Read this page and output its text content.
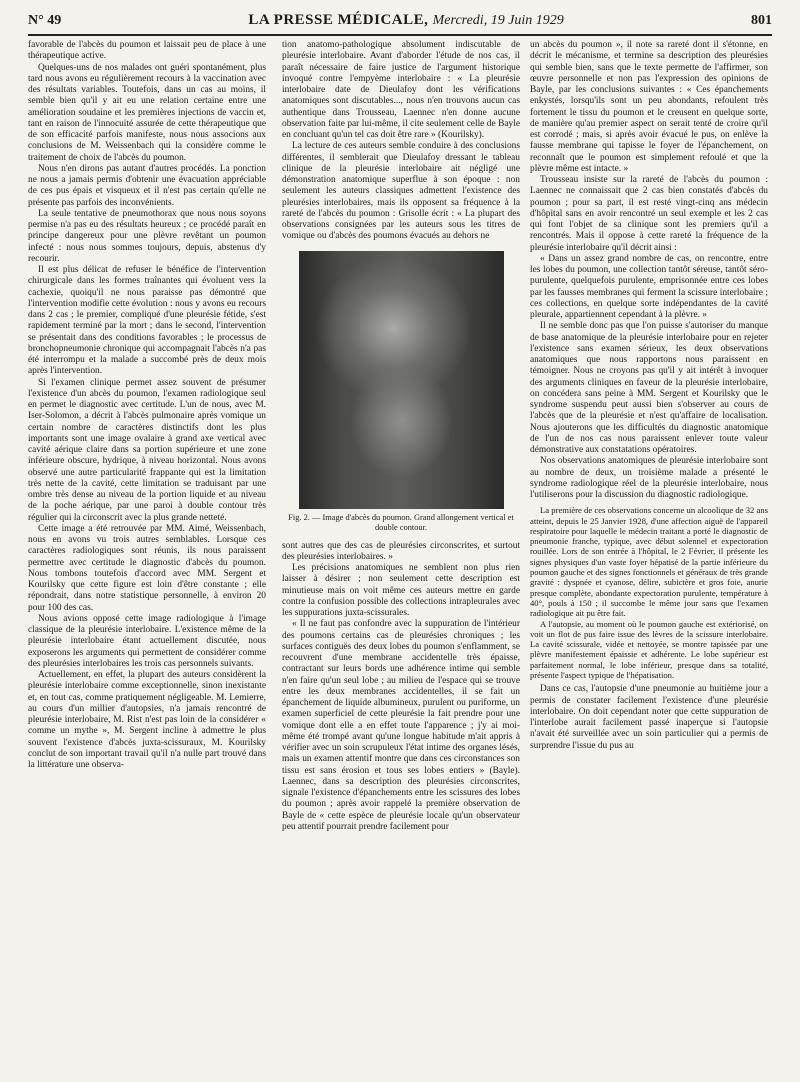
N° 49	LA PRESSE MÉDICALE, Mercredi, 19 Juin 1929	801

favorable de l'abcès du poumon et laissait peu de place à une thérapeutique active.

Quelques-uns de nos malades ont guéri spontanément, plus tard nous avons eu régulièrement recours à la vaccination avec des résultats variables. Toutefois, dans un cas au moins, il semble bien qu'il y ait eu une relation certaine entre une amélioration soudaine et les premières injections de vaccin et, tant en raison de l'innocuité assurée de cette thérapeutique que de son efficacité parfois manifeste, nous nous associons aux conclusions de M. Weissenbach qui la considère comme le traitement de choix de l'abcès du poumon.

Nous n'en dirons pas autant d'autres procédés. La ponction ne nous a jamais permis d'obtenir une évacuation appréciable de ces pus épais et visqueux et il n'est pas certain qu'elle ne présente pas parfois des inconvénients.

La seule tentative de pneumothorax que nous nous soyons permise n'a pas eu des résultats heureux ; ce procédé paraît en principe dangereux pour une plèvre revêtant un poumon infecté : nous nous sommes toujours, depuis, abstenus d'y recourir.

Il est plus délicat de refuser le bénéfice de l'intervention chirurgicale dans les formes traînantes qui évoluent vers la cachexie, quoiqu'il ne nous paraisse pas démontré que l'intervention modifie cette évolution : nous y avons eu recours dans 2 cas ; le premier, compliqué d'une pleurésie fétide, s'est rapidement terminé par la mort ; dans le second, l'intervention se présentait dans des conditions favorables ; le processus de bronchopneumonie chronique qui accompagnait l'abcès n'a pas été interrompu et la malade a succombé près de deux mois après l'intervention.

Si l'examen clinique permet assez souvent de présumer l'existence d'un abcès du poumon, l'examen radiologique seul en permet le diagnostic avec certitude. L'un de nous, avec M. Iser-Solomon, a décrit à l'abcès pulmonaire après vomique un certain nombre de caractères distinctifs dont les plus importants sont une image ovalaire à grand axe vertical avec cavité aérique claire dans sa portion supérieure et une zone inférieure obscure, hydrique, à niveau horizontal. Nous avons observé une autre particularité frappante qui est la limitation très nette de la cavité, cette limitation se traduisant par une ombre très dense au niveau de la portion liquide et au niveau de la poche aérique, par une paroi à double contour très régulier qui la circonscrit avec la plus grande netteté.

Cette image a été retrouvée par MM. Aimé, Weissenbach, nous en avons vu trois autres semblables. Lorsque ces caractères radiologiques sont réunis, ils nous paraissent permettre avec certitude le diagnostic d'abcès du poumon. Nous tombons toutefois d'accord avec MM. Sergent et Kourilsky que cette figure est loin d'être constante ; elle répondrait, dans notre statistique personnelle, à environ 20 pour 100 des cas.

Nous avions opposé cette image radiologique à l'image classique de la pleurésie interlobaire. L'existence même de la pleurésie interlobaire étant actuellement discutée, nous exposerons les arguments qui permettent de considérer comme des pleurésies interlobaires les trois cas personnels suivants.

Actuellement, en effet, la plupart des auteurs considèrent la pleurésie interlobaire comme exceptionnelle, sinon inexistante et, en tout cas, comme pratiquement négligeable. M. Lemierre, au cours d'un millier d'autopsies, n'a jamais rencontré de pleurésie interlobaire, M. Rist n'est pas loin de la considérer « comme un mythe », M. Sergent incline à admettre le plus souvent l'existence d'abcès juxta-scissuraux, M. Kourilsky conclut de son important travail qu'il n'a nulle part trouvé dans la littérature une observa-

tion anatomo-pathologique absolument indiscutable de pleurésie interlobaire. Avant d'aborder l'étude de nos cas, il paraît nécessaire de faire justice de l'argument historique invoqué contre l'empyème interlobaire : « La pleurésie interlobaire date de Dieulafoy dont les vérifications anatomiques sont discutables..., nous n'en trouvons aucun cas authentique dans Trousseau, Laennec n'en donne aucune observation faite par lui-même, il cite seulement celle de Bayle en concluant qu'un tel cas doit être rare » (Kourilsky).

La lecture de ces auteurs semble conduire à des conclusions différentes, il semblerait que Dieulafoy dressant le tableau clinique de la pleurésie interlobaire ait négligé une démonstration anatomique superflue à son époque : non seulement les auteurs classiques admettent l'existence des pleurésies interlobaires, mais ils opposent sa fréquence à la rareté de l'abcès du poumon : Grisolle écrit : « La plupart des observations consignées par les auteurs sous les titres de vomique ou d'abcès des poumons évacués au dehors ne

Fig. 2. — Image d'abcès du poumon. Grand allongement vertical et double contour.

sont autres que des cas de pleurésies circonscrites, et surtout des pleurésies interlobaires. »

Les précisions anatomiques ne semblent non plus rien laisser à désirer ; non seulement cette description est minutieuse mais on voit même ces auteurs mettre en garde contre la confusion possible des collections intrapleurales avec les suppurations juxta-scissurales.

« Il ne faut pas confondre avec la suppuration de l'intérieur des poumons certains cas de pleurésies chroniques ; les surfaces contiguës des deux lobes du poumon s'enflamment, se recouvrent d'une membrane accidentelle très épaisse, contractant sur leurs bords une adhérence intime qui semble n'en faire qu'un seul lobe ; au milieu de l'espace qui se trouve entre les deux membranes accidentelles, il se fait un épanchement de liquide albumineux, purulent ou puriforme, un examen superficiel de cette pleurésie la fait prendre pour une vomique dont elle a en effet toute l'apparence ; j'y ai moi-même été trompé avant qu'une longue habitude m'ait appris à vérifier avec un soin scrupuleux l'état intime des organes lésés, mais un examen attentif montre que dans ces circonstances son tissu est sans érosion et tous ses lobes entiers » (Bayle). Laennec, dans sa description des pleurésies circonscrites, signale l'existence d'épanchements entre les scissures des lobes du poumon ; après avoir rappelé la première observation de Bayle de « cette espèce de pleurésie locale qu'un observateur peu attentif pourrait prendre facilement pour

un abcès du poumon », il note sa rareté dont il s'étonne, en décrit le mécanisme, et termine sa description des pleurésies qui semble bien, sans que le texte permette de l'affirmer, son œuvre personnelle et non pas l'expression des opinions de Bayle, par les conclusions suivantes : « Ces épanchements enkystés, lorsqu'ils sont un peu abondants, refoulent très fortement le tissu du poumon et le creusent en quelque sorte, de manière qu'au premier aspect on serait tenté de croire qu'il est corrodé ; mais, si après avoir évacué le pus, on enlève la fausse membrane qui tapisse le foyer de l'épanchement, on reconnaît que le poumon est simplement refoulé et que la plèvre même est intacte. »

Trousseau insiste sur la rareté de l'abcès du poumon : Laennec ne connaissait que 2 cas bien constatés d'abcès du poumon ; pour sa part, il est resté vingt-cinq ans médecin d'hôpital sans en avoir rencontré un seul exemple et les 2 cas qui font l'objet de sa clinique sont les premiers qu'il a rencontrés. Mais il oppose à cette rareté la fréquence de la pleurésie interlobaire qu'il décrit ainsi :

« Dans un assez grand nombre de cas, on rencontre, entre les lobes du poumon, une collection tantôt séreuse, tantôt séro-purulente, quelquefois purulente, emprisonnée entre ces lobes par les fausses membranes qui ferment la scissure interlobaire ; ces collections, en quelque sorte indépendantes de la cavité pleurale, appartiennent cependant à la plèvre. »

Il ne semble donc pas que l'on puisse s'autoriser du manque de base anatomique de la pleurésie interlobaire pour en rejeter l'existence sans examen sérieux, les deux observations anatomiques que nous rapportons nous paraissent en témoigner. Nous ne croyons pas qu'il y ait intérêt à invoquer des arguments cliniques en faveur de la pleurésie interlobaire, on concédera sans peine à MM. Sergent et Kourilsky que le syndrome suspendu peut aussi bien s'observer au cours de l'abcès que de la pleurésie et n'est qu'affaire de localisation. Nous ajouterons que les difficultés du diagnostic anatomique de l'un de nos cas nous paraissent enlever toute valeur démonstrative aux constatations opératoires.

Nos observations anatomiques de pleurésie interlobaire sont au nombre de deux, un troisième malade a présenté le syndrome radiologique réel de la pleurésie interlobaire, nous l'utiliserons pour la discussion du diagnostic radiologique.

La première de ces observations concerne un alcoolique de 32 ans atteint, depuis le 25 Janvier 1928, d'une affection aiguë de l'appareil respiratoire pour laquelle le médecin traitant a porté le diagnostic de pneumonie franche, typique, avec début solennel et expectoration rouillée. Lors de son entrée à l'hôpital, le 2 Février, il présente les signes physiques d'un vaste foyer hépatisé de la partie inférieure du poumon gauche et des signes fonctionnels et généraux de très grande gravité : dyspnée et cyanose, délire, subictère et gros foie, anurie presque complète, abondante expectoration purulente, température à 40°, pouls à 150 ; il succombe le même jour sans que l'examen radiologique ait pu être fait.

A l'autopsie, au moment où le poumon gauche est extériorisé, on voit un flot de pus faire issue des lèvres de la scissure interlobaire. La cavité scissurale, vidée et nettoyée, se montre tapissée par une plèvre manifestement épaissie et adhérente. Le lobe supérieur est parfaitement normal, le lobe inférieur, presque dans sa totalité, présente l'aspect typique de l'hépatisation.

Dans ce cas, l'autopsie d'une pneumonie au huitième jour a permis de constater facilement l'existence d'une pleurésie interlobaire. On doit cependant noter que cette suppuration de l'interlobe aurait facilement passé inaperçue si l'autopsie n'avait été surveillée avec un soin particulier qui a permis de surprendre l'issue du pus au
